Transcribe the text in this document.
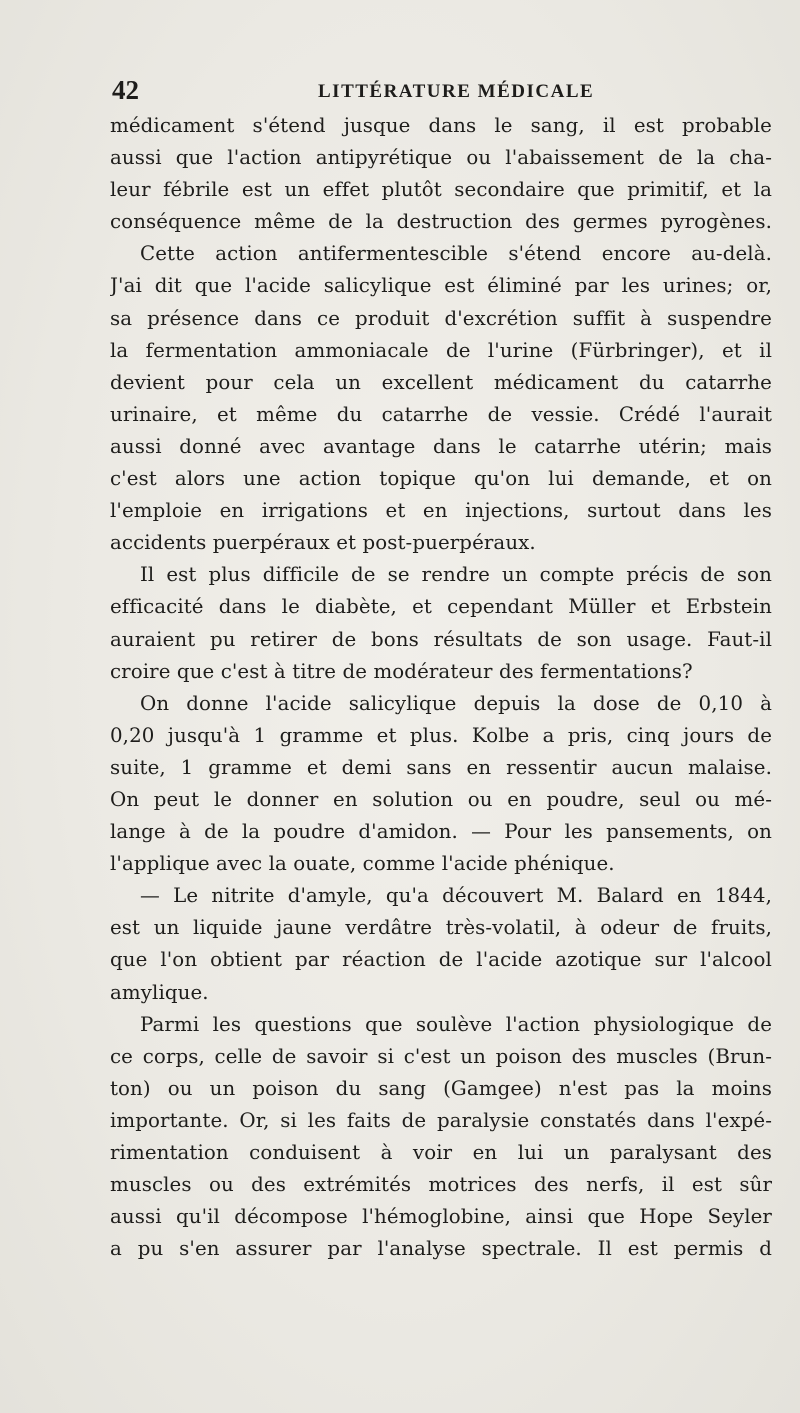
42	LITTÉRATURE MÉDICALE
médicament s'étend jusque dans le sang, il est probable
aussi que l'action antipyrétique ou l'abaissement de la cha-
leur fébrile est un effet plutôt secondaire que primitif, et la
conséquence même de la destruction des germes pyrogènes.
Cette action antifermentescible s'étend encore au-delà.
J'ai dit que l'acide salicylique est éliminé par les urines; or,
sa présence dans ce produit d'excrétion suffit à suspendre
la fermentation ammoniacale de l'urine (Fürbringer), et il
devient pour cela un excellent médicament du catarrhe
urinaire, et même du catarrhe de vessie. Crédé l'aurait
aussi donné avec avantage dans le catarrhe utérin; mais
c'est alors une action topique qu'on lui demande, et on
l'emploie en irrigations et en injections, surtout dans les
accidents puerpéraux et post-puerpéraux.
Il est plus difficile de se rendre un compte précis de son
efficacité dans le diabète, et cependant Müller et Erbstein
auraient pu retirer de bons résultats de son usage. Faut-il
croire que c'est à titre de modérateur des fermentations?
On donne l'acide salicylique depuis la dose de 0,10 à
0,20 jusqu'à 1 gramme et plus. Kolbe a pris, cinq jours de
suite, 1 gramme et demi sans en ressentir aucun malaise.
On peut le donner en solution ou en poudre, seul ou mé-
lange à de la poudre d'amidon. — Pour les pansements, on
l'applique avec la ouate, comme l'acide phénique.
— Le nitrite d'amyle, qu'a découvert M. Balard en 1844,
est un liquide jaune verdâtre très-volatil, à odeur de fruits,
que l'on obtient par réaction de l'acide azotique sur l'alcool
amylique.
Parmi les questions que soulève l'action physiologique de
ce corps, celle de savoir si c'est un poison des muscles (Brun-
ton) ou un poison du sang (Gamgee) n'est pas la moins
importante. Or, si les faits de paralysie constatés dans l'expé-
rimentation conduisent à voir en lui un paralysant des
muscles ou des extrémités motrices des nerfs, il est sûr
aussi qu'il décompose l'hémoglobine, ainsi que Hope Seyler
a pu s'en assurer par l'analyse spectrale. Il est permis d
